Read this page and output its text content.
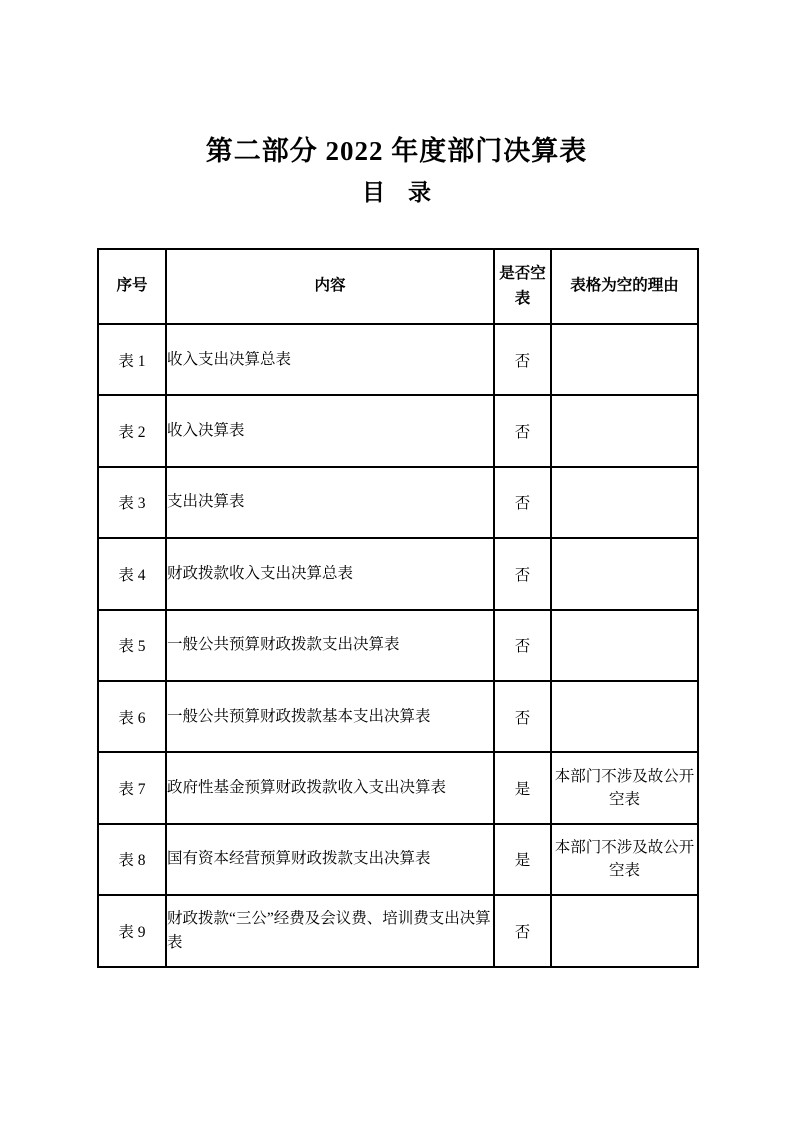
第二部分 2022 年度部门决算表
目　录
序号	内容	是否空表	表格为空的理由
表 1	收入支出决算总表	否	
表 2	收入决算表	否	
表 3	支出决算表	否	
表 4	财政拨款收入支出决算总表	否	
表 5	一般公共预算财政拨款支出决算表	否	
表 6	一般公共预算财政拨款基本支出决算表	否	
表 7	政府性基金预算财政拨款收入支出决算表	是	本部门不涉及故公开空表
表 8	国有资本经营预算财政拨款支出决算表	是	本部门不涉及故公开空表
表 9	财政拨款“三公”经费及会议费、培训费支出决算表	否	
